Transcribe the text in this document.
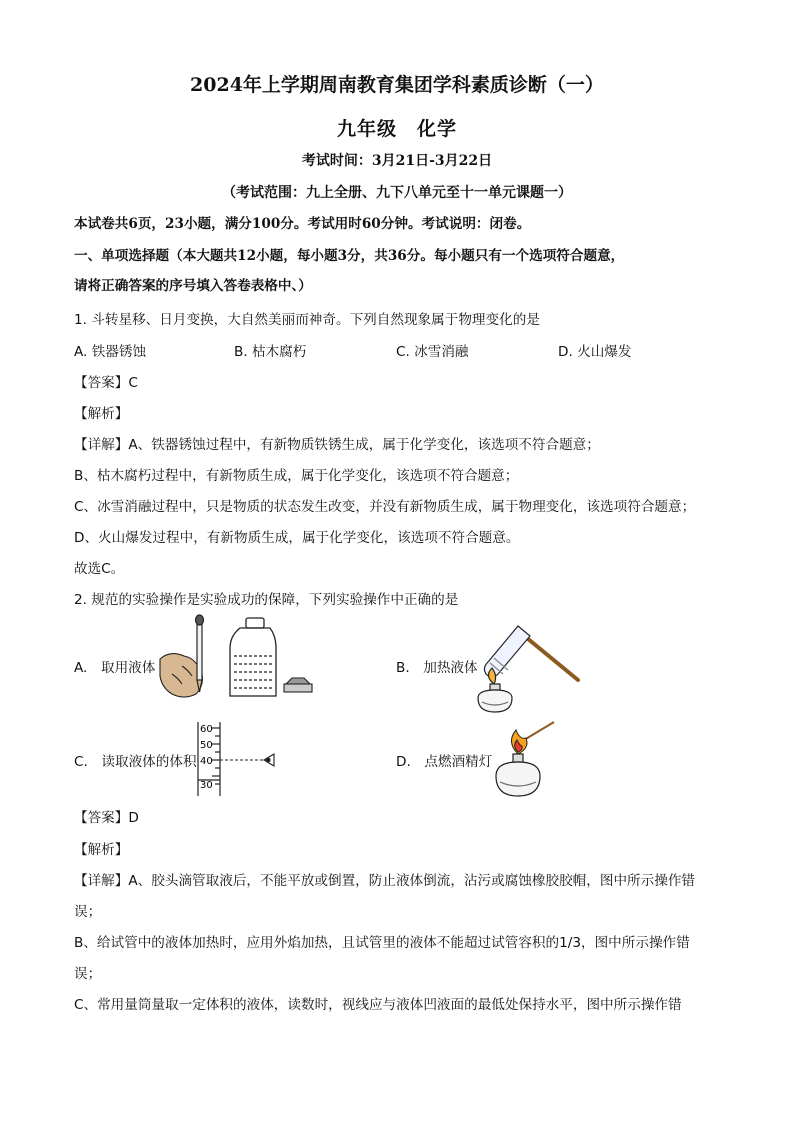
2024年上学期周南教育集团学科素质诊断（一）
九年级　化学
考试时间：3月21日-3月22日
（考试范围：九上全册、九下八单元至十一单元课题一）
本试卷共6页，23小题，满分100分。考试用时60分钟。考试说明：闭卷。
一、单项选择题（本大题共12小题，每小题3分，共36分。每小题只有一个选项符合题意，
请将正确答案的序号填入答卷表格中、）
1. 斗转星移、日月变换，大自然美丽而神奇。下列自然现象属于物理变化的是
A. 铁器锈蚀	B. 枯木腐朽	C. 冰雪消融	D. 火山爆发
【答案】C
【解析】
【详解】A、铁器锈蚀过程中，有新物质铁锈生成，属于化学变化，该选项不符合题意；
B、枯木腐朽过程中，有新物质生成，属于化学变化，该选项不符合题意；
C、冰雪消融过程中，只是物质的状态发生改变，并没有新物质生成，属于物理变化，该选项符合题意；
D、火山爆发过程中，有新物质生成，属于化学变化，该选项不符合题意。
故选C。
2. 规范的实验操作是实验成功的保障，下列实验操作中正确的是
A.　取用液体	B.　加热液体
C.　读取液体的体积	D.　点燃酒精灯
60
50
40
30
【答案】D
【解析】
【详解】A、胶头滴管取液后，不能平放或倒置，防止液体倒流，沾污或腐蚀橡胶胶帽，图中所示操作错
误；
B、给试管中的液体加热时，应用外焰加热，且试管里的液体不能超过试管容积的1/3，图中所示操作错
误；
C、常用量筒量取一定体积的液体，读数时，视线应与液体凹液面的最低处保持水平，图中所示操作错
